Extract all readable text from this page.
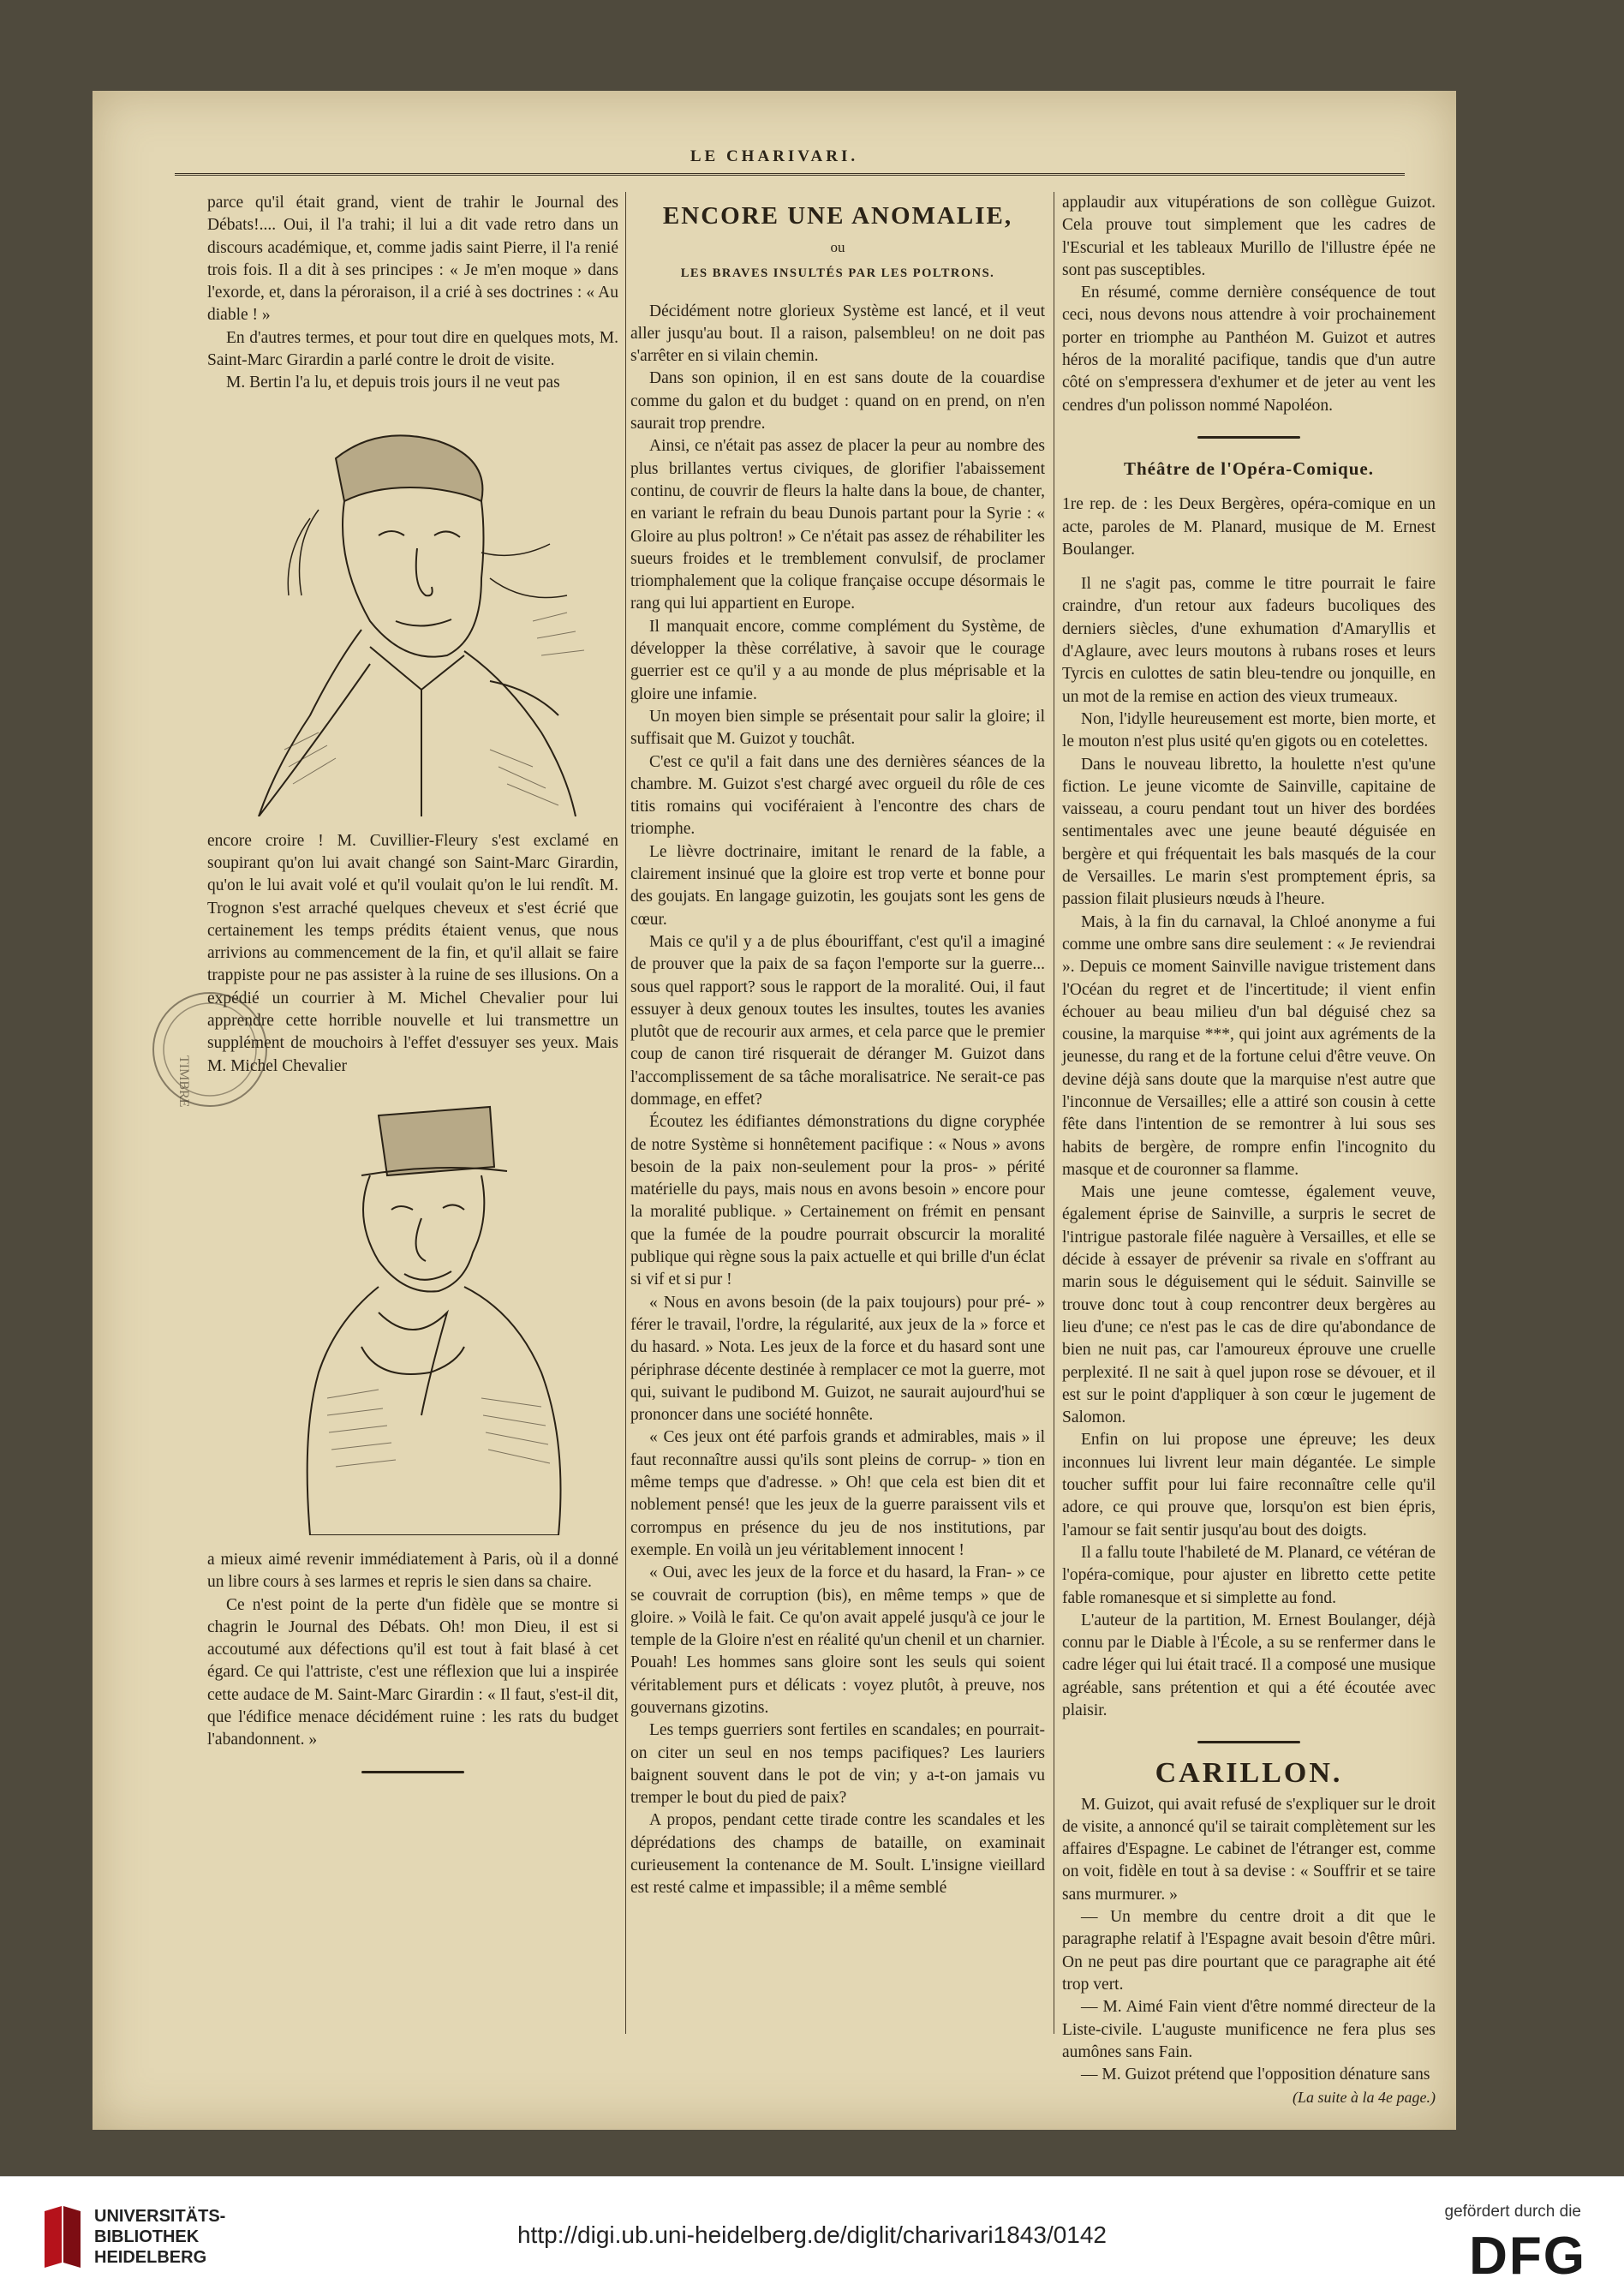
LE CHARIVARI.

parce qu'il était grand, vient de trahir le Journal des Débats!.... Oui, il l'a trahi; il lui a dit vade retro dans un discours académique, et, comme jadis saint Pierre, il l'a renié trois fois. Il a dit à ses principes : « Je m'en moque » dans l'exorde, et, dans la péroraison, il a crié à ses doctrines : « Au diable ! »

En d'autres termes, et pour tout dire en quelques mots, M. Saint-Marc Girardin a parlé contre le droit de visite.

M. Bertin l'a lu, et depuis trois jours il ne veut pas

encore croire ! M. Cuvillier-Fleury s'est exclamé en soupirant qu'on lui avait changé son Saint-Marc Girardin, qu'on le lui avait volé et qu'il voulait qu'on le lui rendît. M. Trognon s'est arraché quelques cheveux et s'est écrié que certainement les temps prédits étaient venus, que nous arrivions au commencement de la fin, et qu'il allait se faire trappiste pour ne pas assister à la ruine de ses illusions. On a expédié un courrier à M. Michel Chevalier pour lui apprendre cette horrible nouvelle et lui transmettre un supplément de mouchoirs à l'effet d'essuyer ses yeux. Mais M. Michel Chevalier

a mieux aimé revenir immédiatement à Paris, où il a donné un libre cours à ses larmes et repris le sien dans sa chaire.

Ce n'est point de la perte d'un fidèle que se montre si chagrin le Journal des Débats. Oh! mon Dieu, il est si accoutumé aux défections qu'il est tout à fait blasé à cet égard. Ce qui l'attriste, c'est une réflexion que lui a inspirée cette audace de M. Saint-Marc Girardin : « Il faut, s'est-il dit, que l'édifice menace décidément ruine : les rats du budget l'abandonnent. »

ENCORE UNE ANOMALIE,
ou
LES BRAVES INSULTÉS PAR LES POLTRONS.

Décidément notre glorieux Système est lancé, et il veut aller jusqu'au bout. Il a raison, palsembleu! on ne doit pas s'arrêter en si vilain chemin.

Dans son opinion, il en est sans doute de la couardise comme du galon et du budget : quand on en prend, on n'en saurait trop prendre.

Ainsi, ce n'était pas assez de placer la peur au nombre des plus brillantes vertus civiques, de glorifier l'abaissement continu, de couvrir de fleurs la halte dans la boue, de chanter, en variant le refrain du beau Dunois partant pour la Syrie : « Gloire au plus poltron! » Ce n'était pas assez de réhabiliter les sueurs froides et le tremblement convulsif, de proclamer triomphalement que la colique française occupe désormais le rang qui lui appartient en Europe.

Il manquait encore, comme complément du Système, de développer la thèse corrélative, à savoir que le courage guerrier est ce qu'il y a au monde de plus méprisable et la gloire une infamie.

Un moyen bien simple se présentait pour salir la gloire; il suffisait que M. Guizot y touchât.

C'est ce qu'il a fait dans une des dernières séances de la chambre. M. Guizot s'est chargé avec orgueil du rôle de ces titis romains qui vociféraient à l'encontre des chars de triomphe.

Le lièvre doctrinaire, imitant le renard de la fable, a clairement insinué que la gloire est trop verte et bonne pour des goujats. En langage guizotin, les goujats sont les gens de cœur.

Mais ce qu'il y a de plus ébouriffant, c'est qu'il a imaginé de prouver que la paix de sa façon l'emporte sur la guerre... sous quel rapport? sous le rapport de la moralité. Oui, il faut essuyer à deux genoux toutes les insultes, toutes les avanies plutôt que de recourir aux armes, et cela parce que le premier coup de canon tiré risquerait de déranger M. Guizot dans l'accomplissement de sa tâche moralisatrice. Ne serait-ce pas dommage, en effet?

Écoutez les édifiantes démonstrations du digne coryphée de notre Système si honnêtement pacifique : « Nous » avons besoin de la paix non-seulement pour la pros- » périté matérielle du pays, mais nous en avons besoin » encore pour la moralité publique. » Certainement on frémit en pensant que la fumée de la poudre pourrait obscurcir la moralité publique qui règne sous la paix actuelle et qui brille d'un éclat si vif et si pur !

« Nous en avons besoin (de la paix toujours) pour pré- » férer le travail, l'ordre, la régularité, aux jeux de la » force et du hasard. » Nota. Les jeux de la force et du hasard sont une périphrase décente destinée à remplacer ce mot la guerre, mot qui, suivant le pudibond M. Guizot, ne saurait aujourd'hui se prononcer dans une société honnête.

« Ces jeux ont été parfois grands et admirables, mais » il faut reconnaître aussi qu'ils sont pleins de corrup- » tion en même temps que d'adresse. » Oh! que cela est bien dit et noblement pensé! que les jeux de la guerre paraissent vils et corrompus en présence du jeu de nos institutions, par exemple. En voilà un jeu véritablement innocent !

« Oui, avec les jeux de la force et du hasard, la Fran- » ce se couvrait de corruption (bis), en même temps » que de gloire. » Voilà le fait. Ce qu'on avait appelé jusqu'à ce jour le temple de la Gloire n'est en réalité qu'un chenil et un charnier. Pouah! Les hommes sans gloire sont les seuls qui soient véritablement purs et délicats : voyez plutôt, à preuve, nos gouvernans gizotins.

Les temps guerriers sont fertiles en scandales; en pourrait-on citer un seul en nos temps pacifiques? Les lauriers baignent souvent dans le pot de vin; y a-t-on jamais vu tremper le bout du pied de paix?

A propos, pendant cette tirade contre les scandales et les déprédations des champs de bataille, on examinait curieusement la contenance de M. Soult. L'insigne vieillard est resté calme et impassible; il a même semblé

applaudir aux vitupérations de son collègue Guizot. Cela prouve tout simplement que les cadres de l'Escurial et les tableaux Murillo de l'illustre épée ne sont pas susceptibles.

En résumé, comme dernière conséquence de tout ceci, nous devons nous attendre à voir prochainement porter en triomphe au Panthéon M. Guizot et autres héros de la moralité pacifique, tandis que d'un autre côté on s'empressera d'exhumer et de jeter au vent les cendres d'un polisson nommé Napoléon.

Théâtre de l'Opéra-Comique.

1re rep. de : les Deux Bergères, opéra-comique en un acte, paroles de M. Planard, musique de M. Ernest Boulanger.

Il ne s'agit pas, comme le titre pourrait le faire craindre, d'un retour aux fadeurs bucoliques des derniers siècles, d'une exhumation d'Amaryllis et d'Aglaure, avec leurs moutons à rubans roses et leurs Tyrcis en culottes de satin bleu-tendre ou jonquille, en un mot de la remise en action des vieux trumeaux.

Non, l'idylle heureusement est morte, bien morte, et le mouton n'est plus usité qu'en gigots ou en cotelettes.

Dans le nouveau libretto, la houlette n'est qu'une fiction. Le jeune vicomte de Sainville, capitaine de vaisseau, a couru pendant tout un hiver des bordées sentimentales avec une jeune beauté déguisée en bergère et qui fréquentait les bals masqués de la cour de Versailles. Le marin s'est promptement épris, sa passion filait plusieurs nœuds à l'heure.

Mais, à la fin du carnaval, la Chloé anonyme a fui comme une ombre sans dire seulement : « Je reviendrai ». Depuis ce moment Sainville navigue tristement dans l'Océan du regret et de l'incertitude; il vient enfin échouer au beau milieu d'un bal déguisé chez sa cousine, la marquise ***, qui joint aux agréments de la jeunesse, du rang et de la fortune celui d'être veuve. On devine déjà sans doute que la marquise n'est autre que l'inconnue de Versailles; elle a attiré son cousin à cette fête dans l'intention de se remontrer à lui sous ses habits de bergère, de rompre enfin l'incognito du masque et de couronner sa flamme.

Mais une jeune comtesse, également veuve, également éprise de Sainville, a surpris le secret de l'intrigue pastorale filée naguère à Versailles, et elle se décide à essayer de prévenir sa rivale en s'offrant au marin sous le déguisement qui le séduit. Sainville se trouve donc tout à coup rencontrer deux bergères au lieu d'une; ce n'est pas le cas de dire qu'abondance de bien ne nuit pas, car l'amoureux éprouve une cruelle perplexité. Il ne sait à quel jupon rose se dévouer, et il est sur le point d'appliquer à son cœur le jugement de Salomon.

Enfin on lui propose une épreuve; les deux inconnues lui livrent leur main dégantée. Le simple toucher suffit pour lui faire reconnaître celle qu'il adore, ce qui prouve que, lorsqu'on est bien épris, l'amour se fait sentir jusqu'au bout des doigts.

Il a fallu toute l'habileté de M. Planard, ce vétéran de l'opéra-comique, pour ajuster en libretto cette petite fable romanesque et si simplette au fond.

L'auteur de la partition, M. Ernest Boulanger, déjà connu par le Diable à l'École, a su se renfermer dans le cadre léger qui lui était tracé. Il a composé une musique agréable, sans prétention et qui a été écoutée avec plaisir.

CARILLON.

M. Guizot, qui avait refusé de s'expliquer sur le droit de visite, a annoncé qu'il se tairait complètement sur les affaires d'Espagne. Le cabinet de l'étranger est, comme on voit, fidèle en tout à sa devise : « Souffrir et se taire sans murmurer. »

— Un membre du centre droit a dit que le paragraphe relatif à l'Espagne avait besoin d'être mûri. On ne peut pas dire pourtant que ce paragraphe ait été trop vert.

— M. Aimé Fain vient d'être nommé directeur de la Liste-civile. L'auguste munificence ne fera plus ses aumônes sans Fain.

— M. Guizot prétend que l'opposition dénature sans

(La suite à la 4e page.)
TIMBRE
UNIVERSITÄTS-
BIBLIOTHEK
HEIDELBERG
http://digi.ub.uni-heidelberg.de/diglit/charivari1843/0142
gefördert durch die
DFG
